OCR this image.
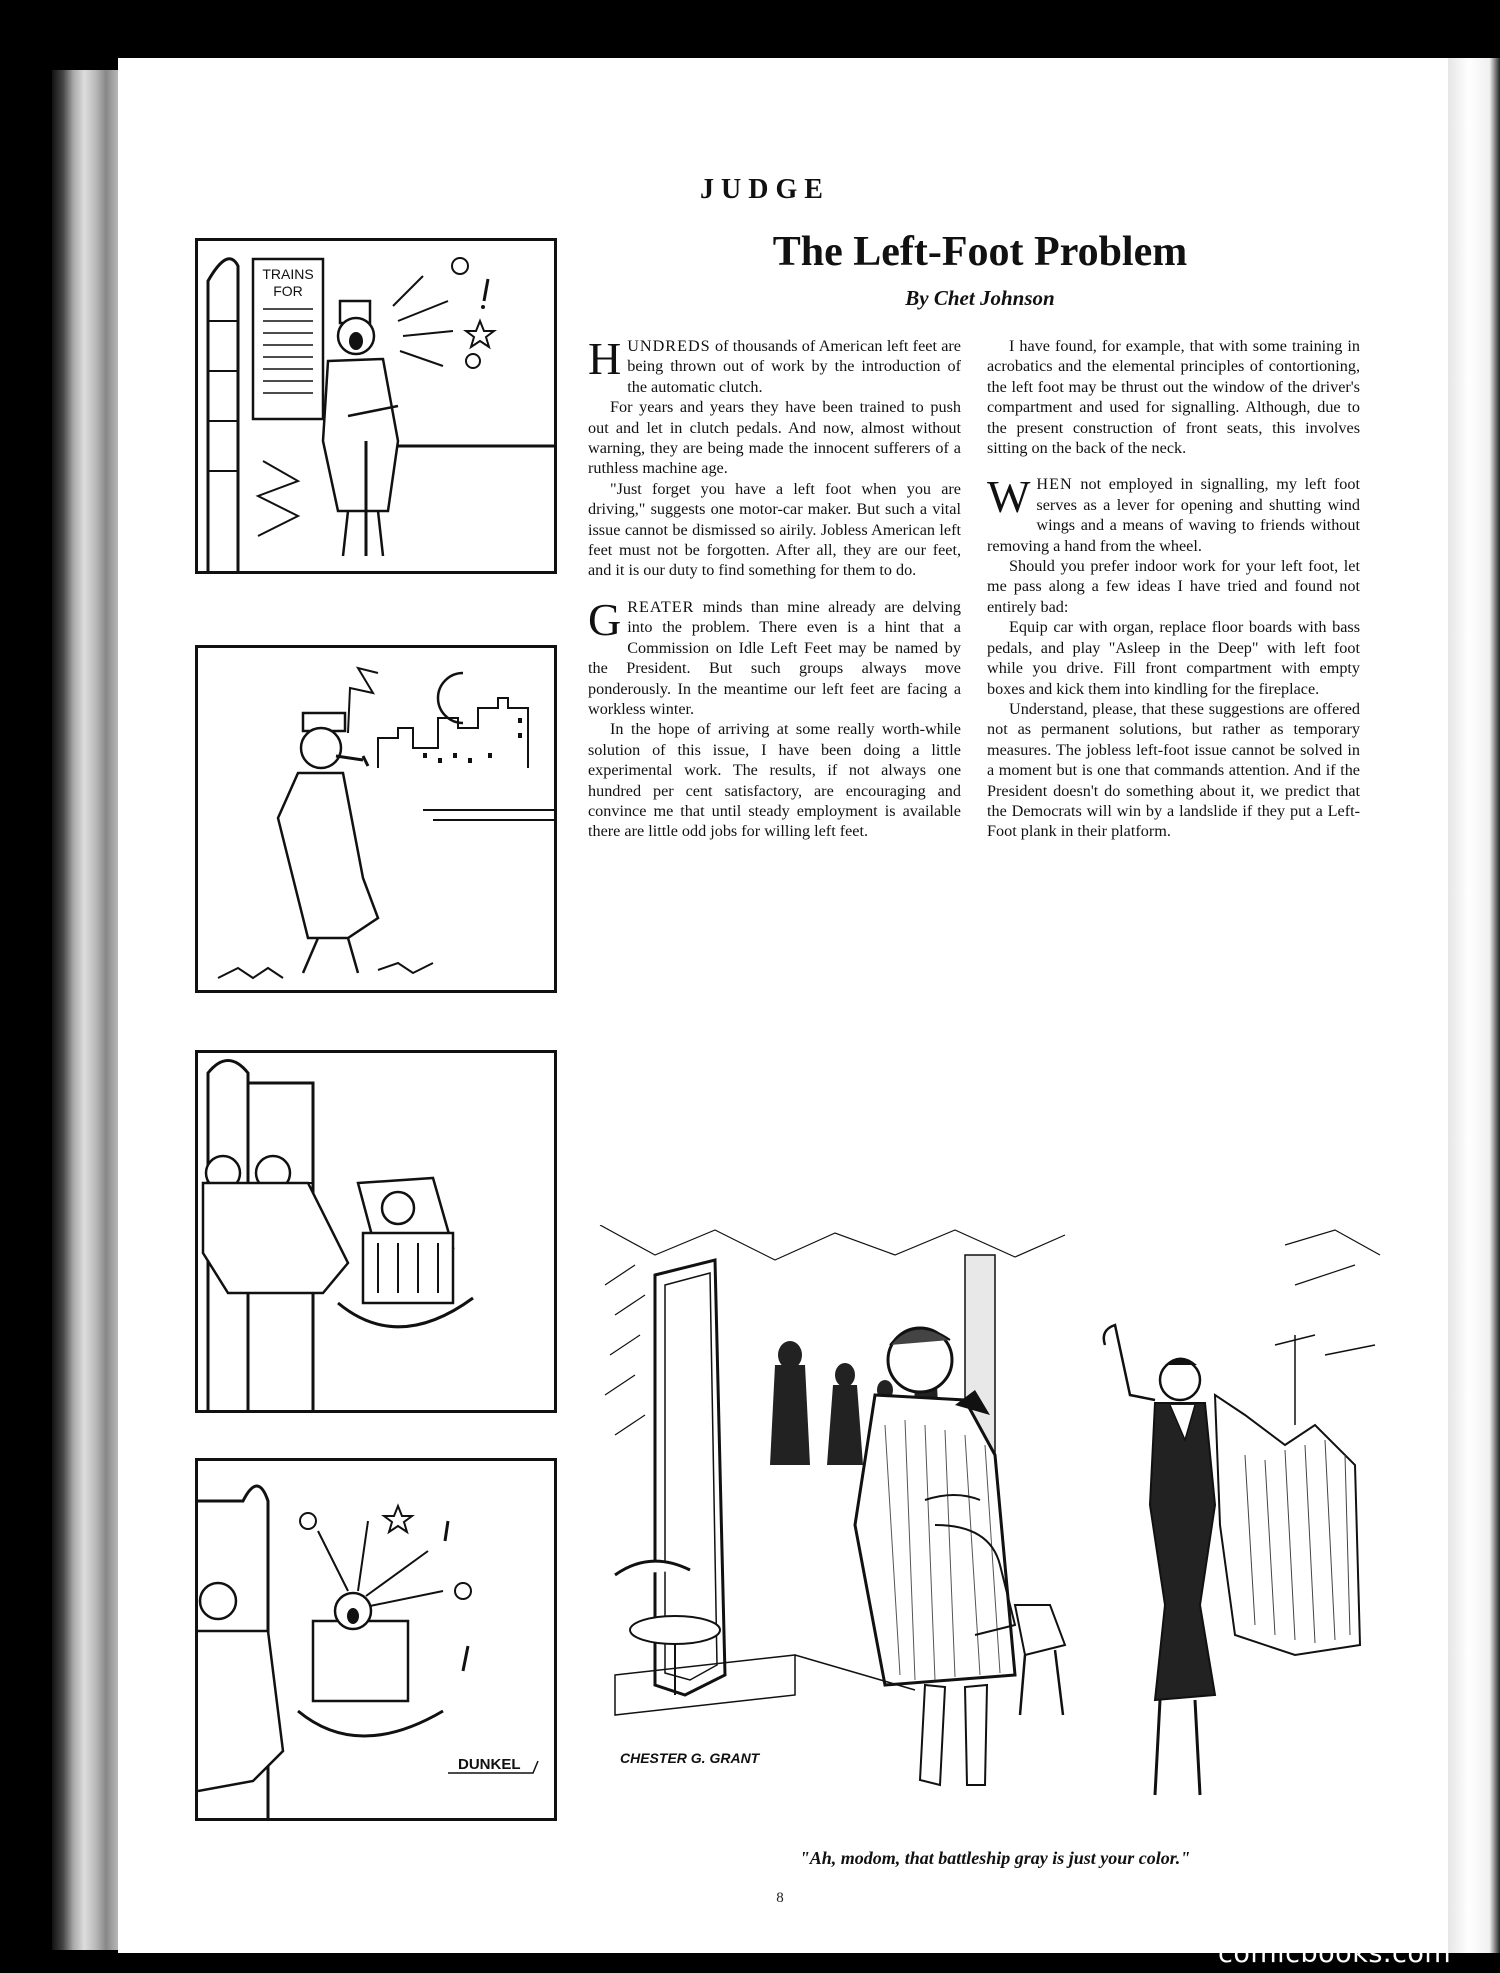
JUDGE
The Left-Foot Problem
By Chet Johnson

HUNDREDS of thousands of American left feet are being thrown out of work by the introduction of the automatic clutch.

For years and years they have been trained to push out and let in clutch pedals. And now, almost without warning, they are being made the innocent sufferers of a ruthless machine age.

"Just forget you have a left foot when you are driving," suggests one motor-car maker. But such a vital issue cannot be dismissed so airily. Jobless American left feet must not be forgotten. After all, they are our feet, and it is our duty to find something for them to do.

GREATER minds than mine already are delving into the problem. There even is a hint that a Commission on Idle Left Feet may be named by the President. But such groups always move ponderously. In the meantime our left feet are facing a workless winter.

In the hope of arriving at some really worth-while solution of this issue, I have been doing a little experimental work. The results, if not always one hundred per cent satisfactory, are encouraging and convince me that until steady employment is available there are little odd jobs for willing left feet.

I have found, for example, that with some training in acrobatics and the elemental principles of contortioning, the left foot may be thrust out the window of the driver's compartment and used for signalling. Although, due to the present construction of front seats, this involves sitting on the back of the neck.

WHEN not employed in signalling, my left foot serves as a lever for opening and shutting wind wings and a means of waving to friends without removing a hand from the wheel.

Should you prefer indoor work for your left foot, let me pass along a few ideas I have tried and found not entirely bad:

Equip car with organ, replace floor boards with bass pedals, and play "Asleep in the Deep" with left foot while you drive. Fill front compartment with empty boxes and kick them into kindling for the fireplace.

Understand, please, that these suggestions are offered not as permanent solutions, but rather as temporary measures. The jobless left-foot issue cannot be solved in a moment but is one that commands attention. And if the President doesn't do something about it, we predict that the Democrats will win by a landslide if they put a Left-Foot plank in their platform.

TRAINS
FOR
DUNKEL	CHESTER G. GRANT
"Ah, modom, that battleship gray is just your color."
8
comicbooks.com
